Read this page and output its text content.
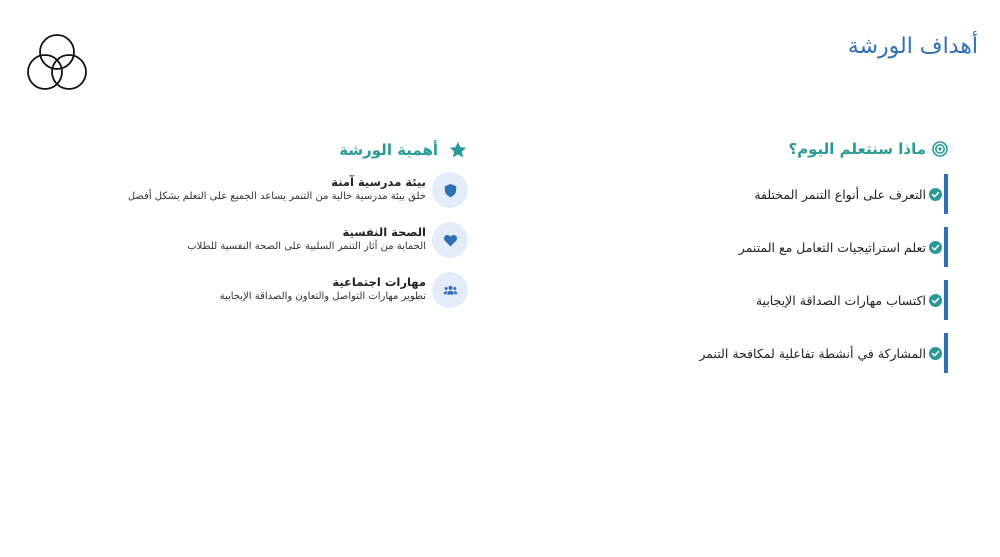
أهداف الورشة
ماذا سنتعلم اليوم؟
التعرف على أنواع التنمر المختلفة
تعلم استراتيجيات التعامل مع المتنمر
اكتساب مهارات الصداقة الإيجابية
المشاركة في أنشطة تفاعلية لمكافحة التنمر
أهمية الورشة

بيئة مدرسية آمنة

خلق بيئة مدرسية خالية من التنمر يساعد الجميع على التعلم بشكل أفضل

الصحة النفسية

الحماية من آثار التنمر السلبية على الصحة النفسية للطلاب

مهارات اجتماعية

تطوير مهارات التواصل والتعاون والصداقة الإيجابية
